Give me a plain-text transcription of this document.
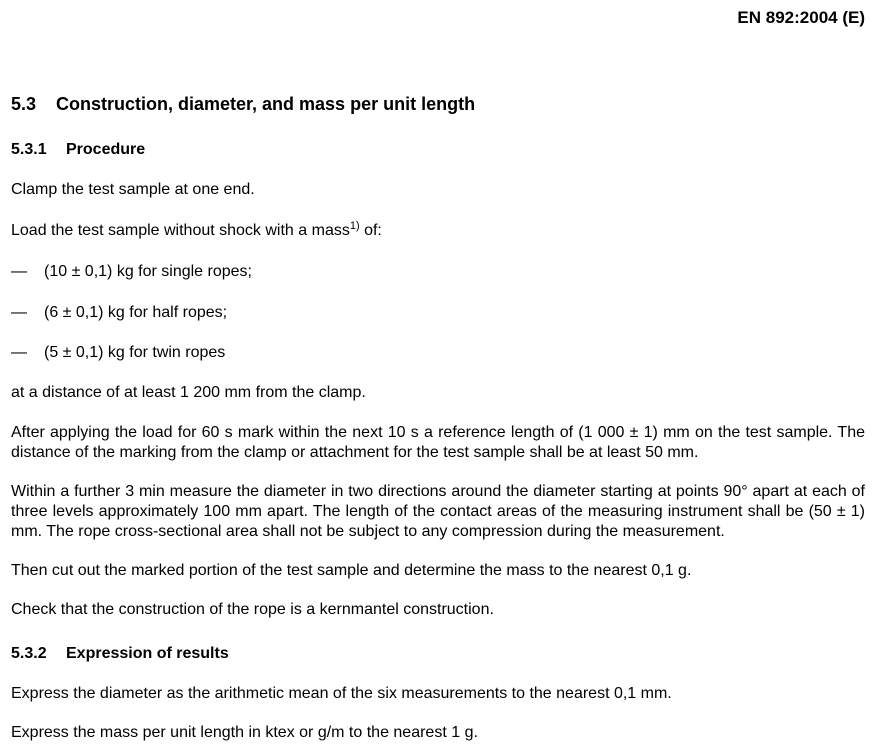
EN 892:2004 (E)
5.3 Construction, diameter, and mass per unit length
5.3.1 Procedure

Clamp the test sample at one end.

Load the test sample without shock with a mass$^{1)}$ of:

— (10 ± 0,1) kg for single ropes;

— (6 ± 0,1) kg for half ropes;

— (5 ± 0,1) kg for twin ropes

at a distance of at least 1 200 mm from the clamp.

After applying the load for 60 s mark within the next 10 s a reference length of (1 000 ± 1) mm on the test sample. The distance of the marking from the clamp or attachment for the test sample shall be at least 50 mm.

Within a further 3 min measure the diameter in two directions around the diameter starting at points 90° apart at each of three levels approximately 100 mm apart. The length of the contact areas of the measuring instrument shall be (50 ± 1) mm. The rope cross-sectional area shall not be subject to any compression during the measurement.

Then cut out the marked portion of the test sample and determine the mass to the nearest 0,1 g.

Check that the construction of the rope is a kernmantel construction.

5.3.2 Expression of results

Express the diameter as the arithmetic mean of the six measurements to the nearest 0,1 mm.

Express the mass per unit length in ktex or g/m to the nearest 1 g.
